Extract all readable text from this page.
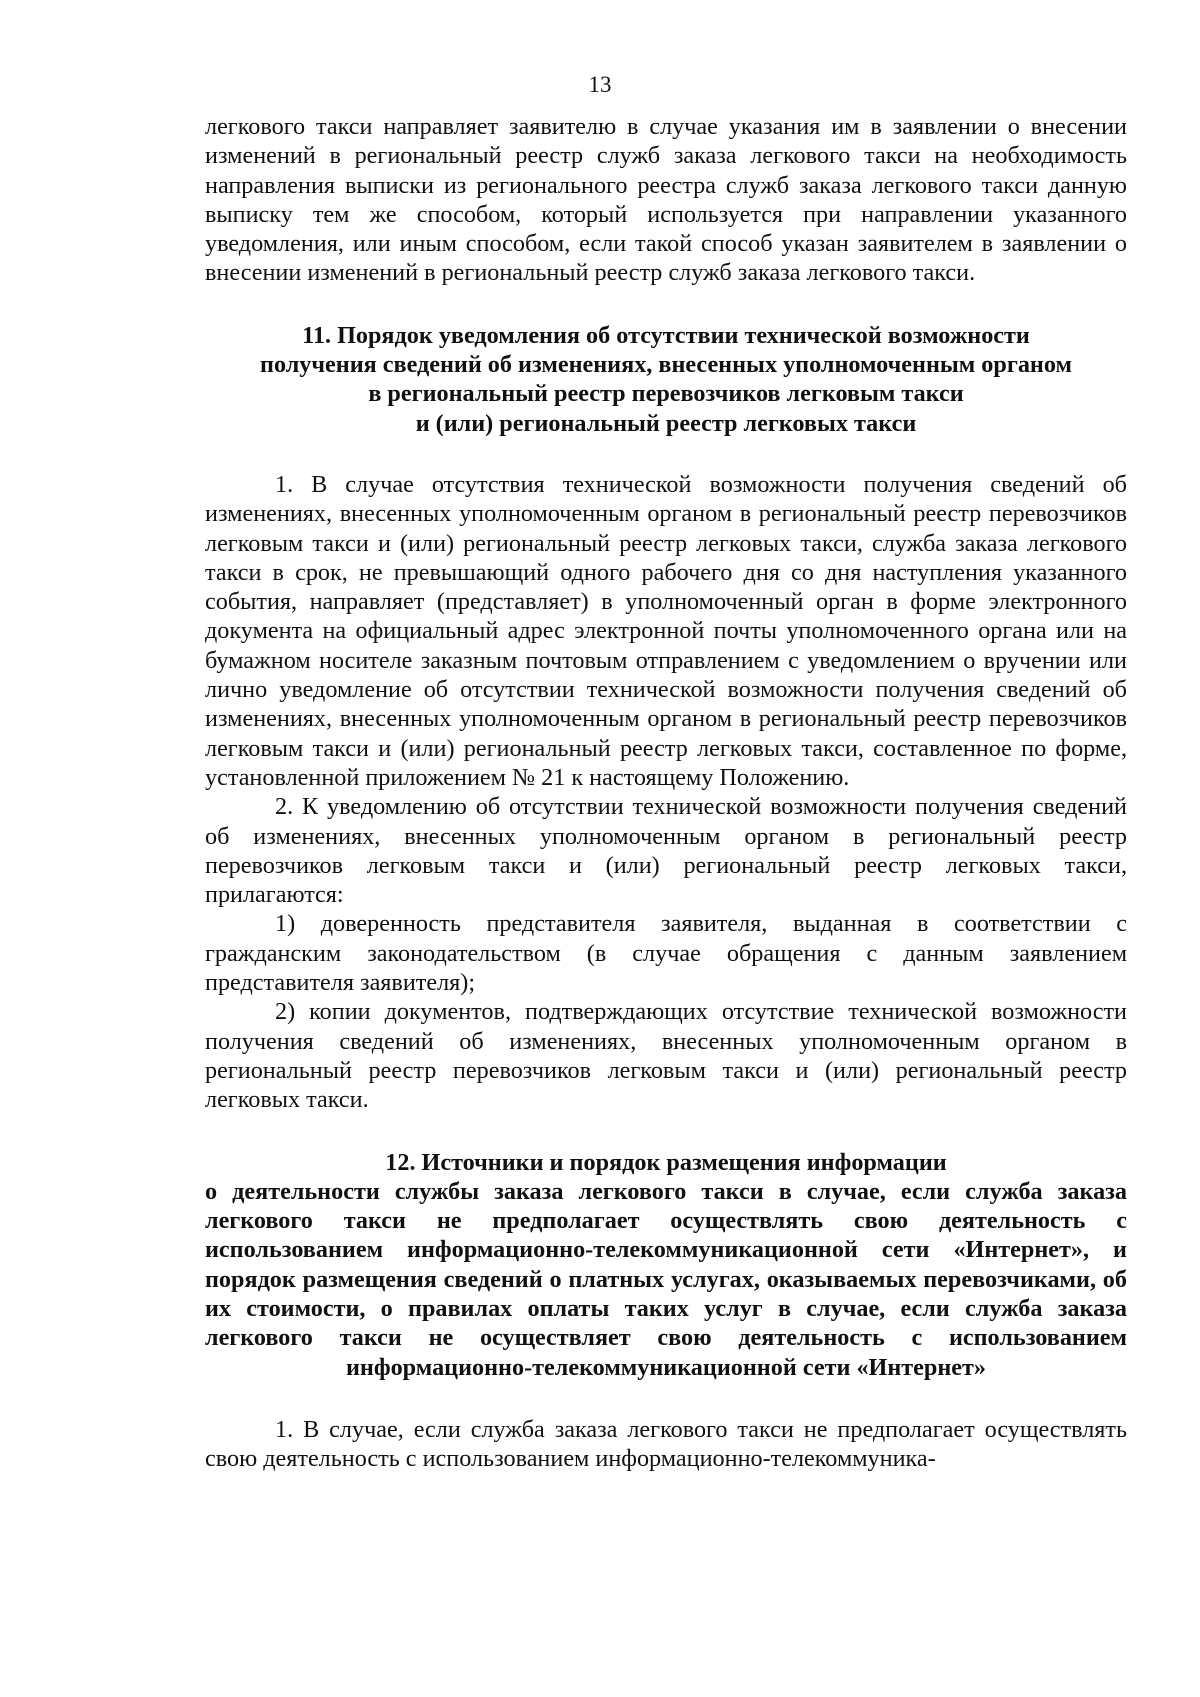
13

легкового такси направляет заявителю в случае указания им в заявлении о внесении изменений в региональный реестр служб заказа легкового такси на необходимость направления выписки из регионального реестра служб заказа легкового такси данную выписку тем же способом, который используется при направлении указанного уведомления, или иным способом, если такой способ указан заявителем в заявлении о внесении изменений в региональный реестр служб заказа легкового такси.

11. Порядок уведомления об отсутствии технической возможности
получения сведений об изменениях, внесенных уполномоченным органом
в региональный реестр перевозчиков легковым такси
и (или) региональный реестр легковых такси

1. В случае отсутствия технической возможности получения сведений об изменениях, внесенных уполномоченным органом в региональный реестр перевозчиков легковым такси и (или) региональный реестр легковых такси, служба заказа легкового такси в срок, не превышающий одного рабочего дня со дня наступления указанного события, направляет (представляет) в уполномоченный орган в форме электронного документа на официальный адрес электронной почты уполномоченного органа или на бумажном носителе заказным почтовым отправлением с уведомлением о вручении или лично уведомление об отсутствии технической возможности получения сведений об изменениях, внесенных уполномоченным органом в региональный реестр перевозчиков легковым такси и (или) региональный реестр легковых такси, составленное по форме, установленной приложением № 21 к настоящему Положению.

2. К уведомлению об отсутствии технической возможности получения сведений об изменениях, внесенных уполномоченным органом в региональный реестр перевозчиков легковым такси и (или) региональный реестр легковых такси, прилагаются:

1) доверенность представителя заявителя, выданная в соответствии с гражданским законодательством (в случае обращения с данным заявлением представителя заявителя);

2) копии документов, подтверждающих отсутствие технической возможности получения сведений об изменениях, внесенных уполномоченным органом в региональный реестр перевозчиков легковым такси и (или) региональный реестр легковых такси.

12. Источники и порядок размещения информации
о деятельности службы заказа легкового такси в случае, если служба заказа легкового такси не предполагает осуществлять свою деятельность с использованием информационно-телекоммуникационной сети «Интернет», и порядок размещения сведений о платных услугах, оказываемых перевозчиками, об их стоимости, о правилах оплаты таких услуг в случае, если служба заказа легкового такси не осуществляет свою деятельность с использованием информационно-телекоммуникационной сети «Интернет»

1. В случае, если служба заказа легкового такси не предполагает осуществлять свою деятельность с использованием информационно-телекоммуника-
